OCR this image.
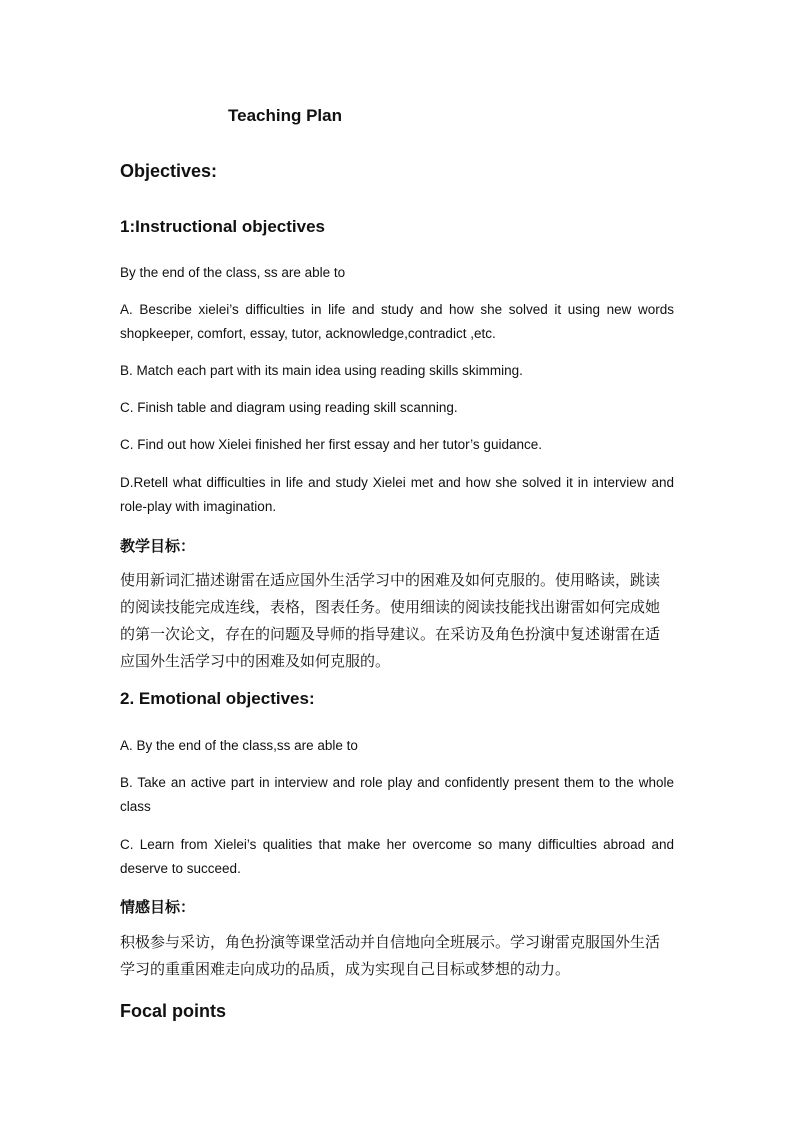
Teaching Plan
Objectives:
1:Instructional objectives

By the end of the class, ss are able to

A. Bescribe xielei’s difficulties in life and study and how she solved it using new words shopkeeper, comfort, essay, tutor, acknowledge,contradict ,etc.

B. Match each part with its main idea using reading skills skimming.

C. Finish table and diagram using reading skill scanning.

C. Find out how Xielei finished her first essay and her tutor’s guidance.

D.Retell what difficulties in life and study Xielei met and how she solved it in interview and role-play with imagination.

教学目标：

使用新词汇描述谢雷在适应国外生活学习中的困难及如何克服的。使用略读，跳读的阅读技能完成连线，表格，图表任务。使用细读的阅读技能找出谢雷如何完成她的第一次论文，存在的问题及导师的指导建议。在采访及角色扮演中复述谢雷在适应国外生活学习中的困难及如何克服的。

2. Emotional objectives:

A. By the end of the class,ss are able to

B. Take an active part in interview and role play and confidently present them to the whole class

C. Learn from Xielei’s qualities that make her overcome so many difficulties abroad and deserve to succeed.

情感目标：

积极参与采访，角色扮演等课堂活动并自信地向全班展示。学习谢雷克服国外生活学习的重重困难走向成功的品质，成为实现自己目标或梦想的动力。

Focal points
